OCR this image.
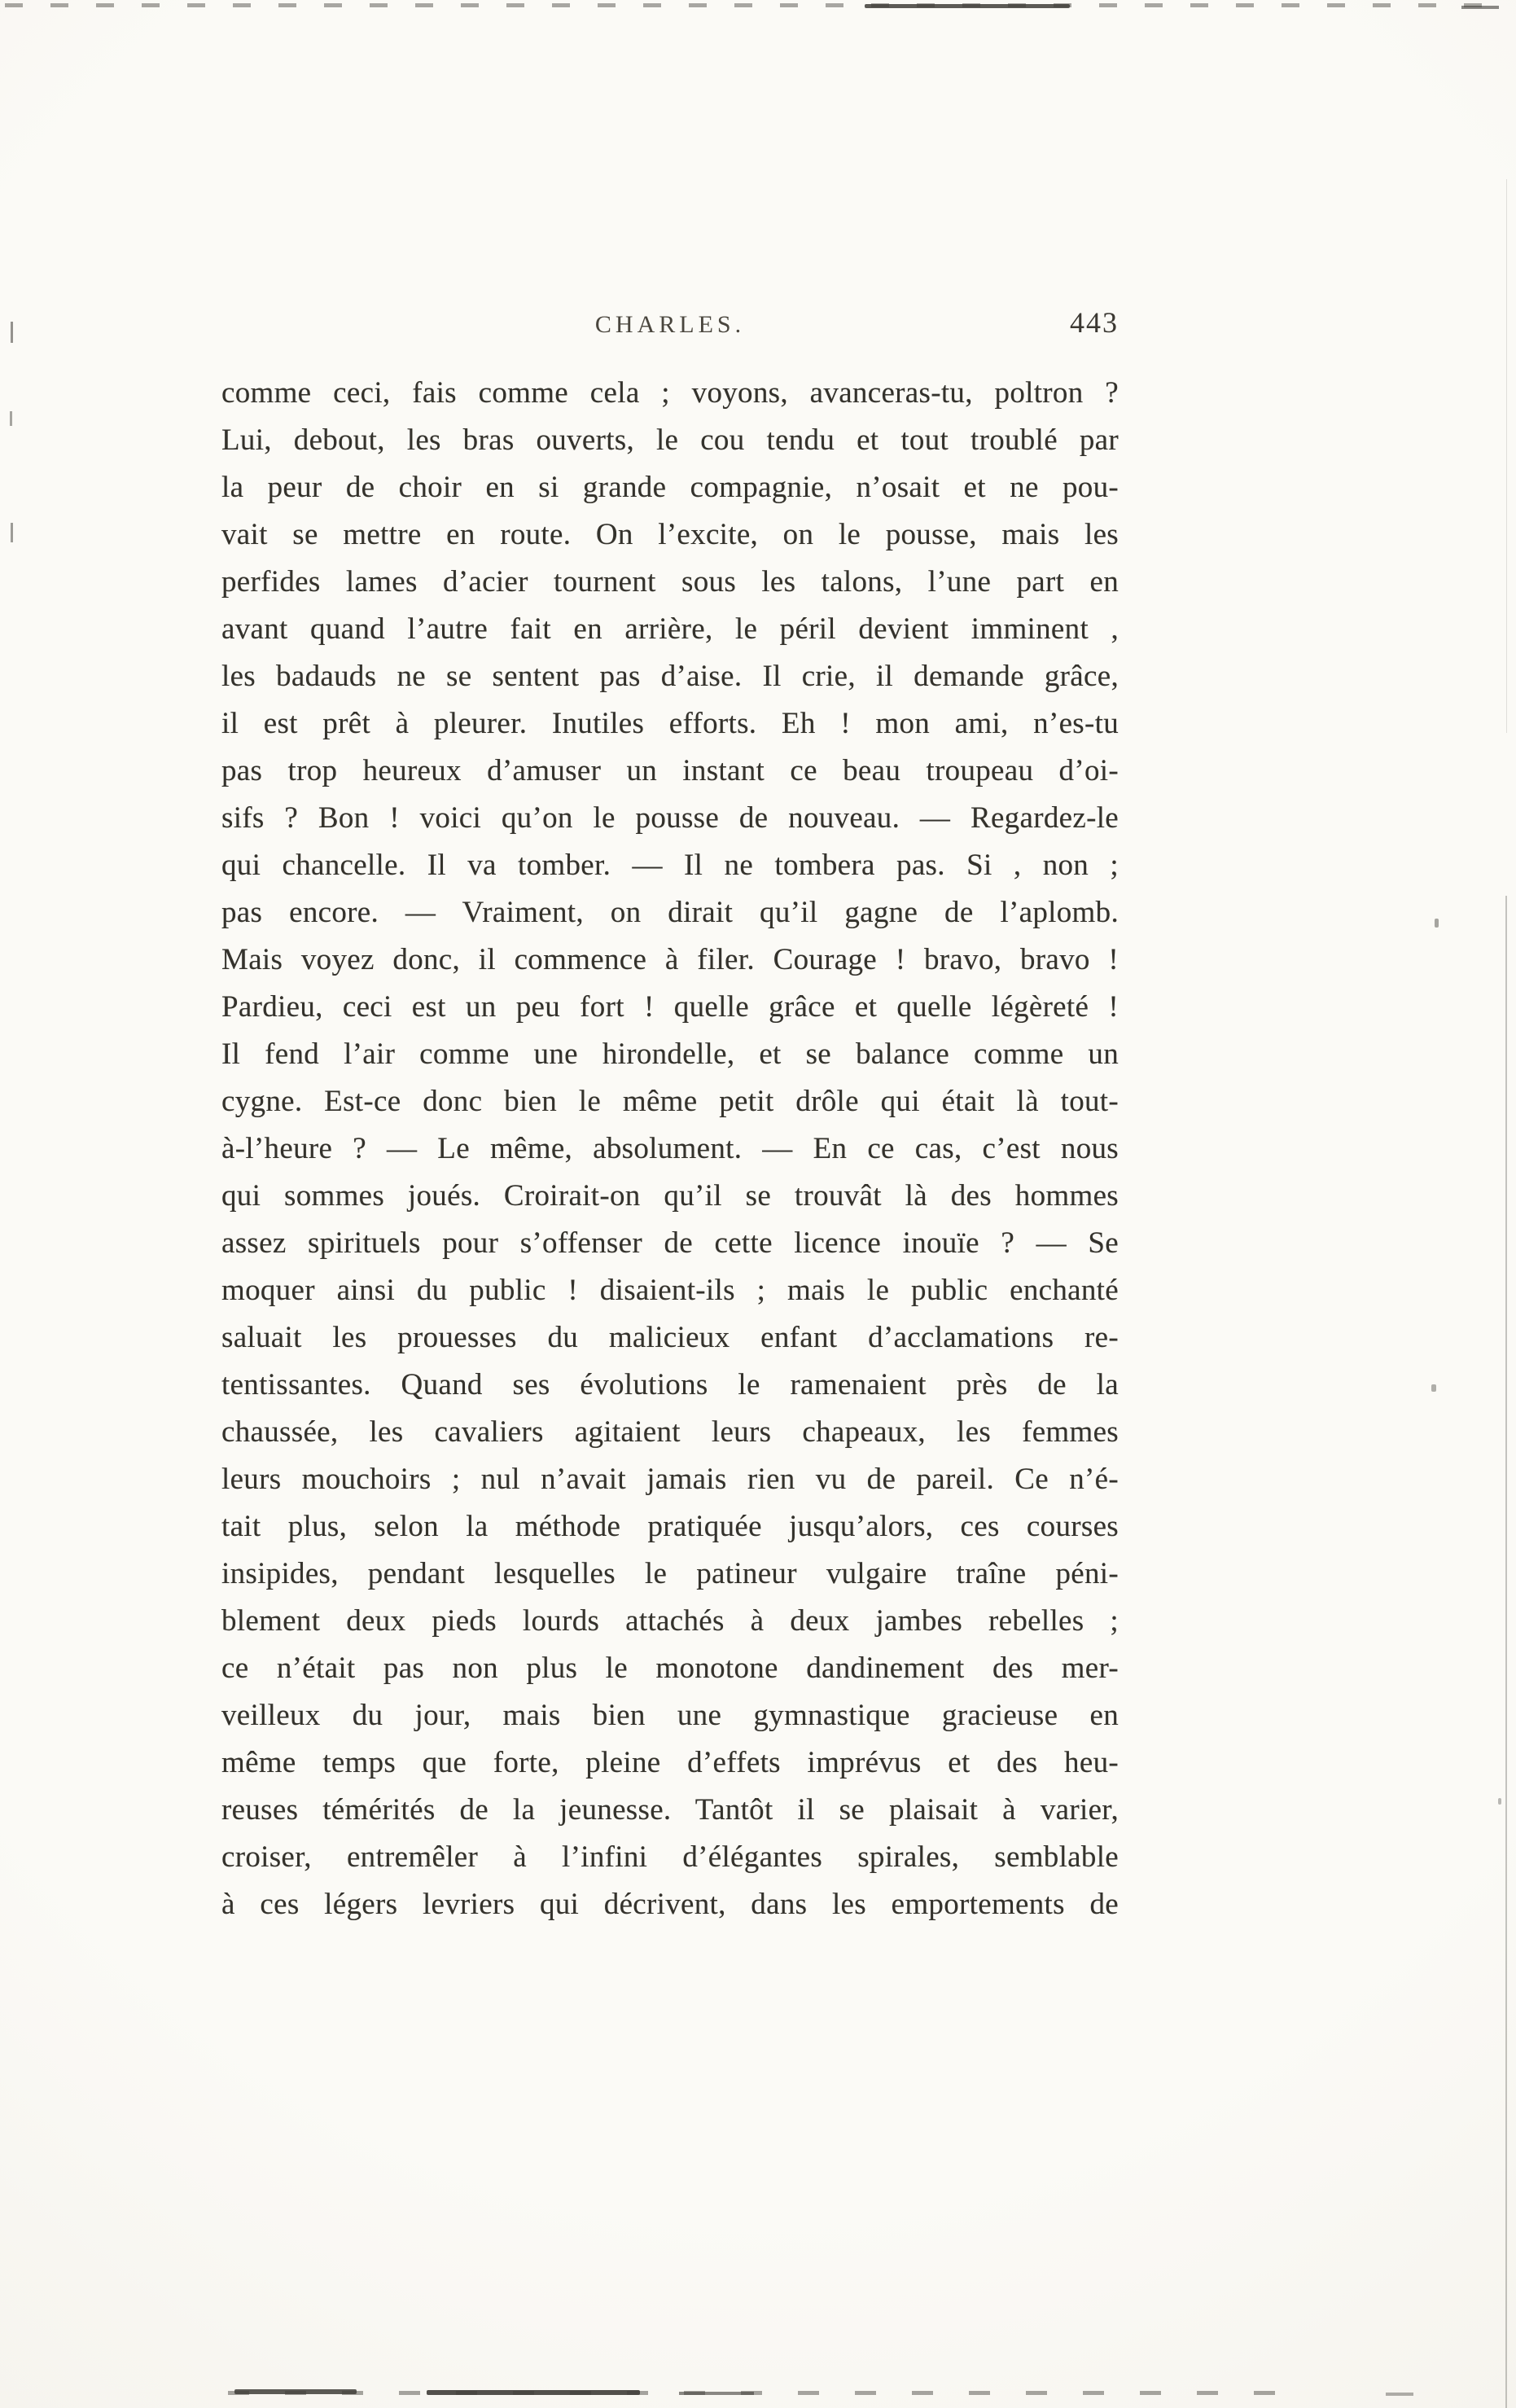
CHARLES.	443
comme ceci, fais comme cela ; voyons, avanceras-tu, poltron ?
Lui, debout, les bras ouverts, le cou tendu et tout troublé par
la peur de choir en si grande compagnie, n’osait et ne pou-
vait se mettre en route. On l’excite, on le pousse, mais les
perfides lames d’acier tournent sous les talons, l’une part en
avant quand l’autre fait en arrière, le péril devient imminent ,
les badauds ne se sentent pas d’aise. Il crie, il demande grâce,
il est prêt à pleurer. Inutiles efforts. Eh ! mon ami, n’es-tu
pas trop heureux d’amuser un instant ce beau troupeau d’oi-
sifs ? Bon ! voici qu’on le pousse de nouveau. — Regardez-le
qui chancelle. Il va tomber. — Il ne tombera pas. Si , non ;
pas encore. — Vraiment, on dirait qu’il gagne de l’aplomb.
Mais voyez donc, il commence à filer. Courage ! bravo, bravo !
Pardieu, ceci est un peu fort ! quelle grâce et quelle légèreté !
Il fend l’air comme une hirondelle, et se balance comme un
cygne. Est-ce donc bien le même petit drôle qui était là tout-
à-l’heure ? — Le même, absolument. — En ce cas, c’est nous
qui sommes joués. Croirait-on qu’il se trouvât là des hommes
assez spirituels pour s’offenser de cette licence inouïe ? — Se
moquer ainsi du public ! disaient-ils ; mais le public enchanté
saluait les prouesses du malicieux enfant d’acclamations re-
tentissantes. Quand ses évolutions le ramenaient près de la
chaussée, les cavaliers agitaient leurs chapeaux, les femmes
leurs mouchoirs ; nul n’avait jamais rien vu de pareil. Ce n’é-
tait plus, selon la méthode pratiquée jusqu’alors, ces courses
insipides, pendant lesquelles le patineur vulgaire traîne péni-
blement deux pieds lourds attachés à deux jambes rebelles ;
ce n’était pas non plus le monotone dandinement des mer-
veilleux du jour, mais bien une gymnastique gracieuse en
même temps que forte, pleine d’effets imprévus et des heu-
reuses témérités de la jeunesse. Tantôt il se plaisait à varier,
croiser, entremêler à l’infini d’élégantes spirales, semblable
à ces légers levriers qui décrivent, dans les emportements de
